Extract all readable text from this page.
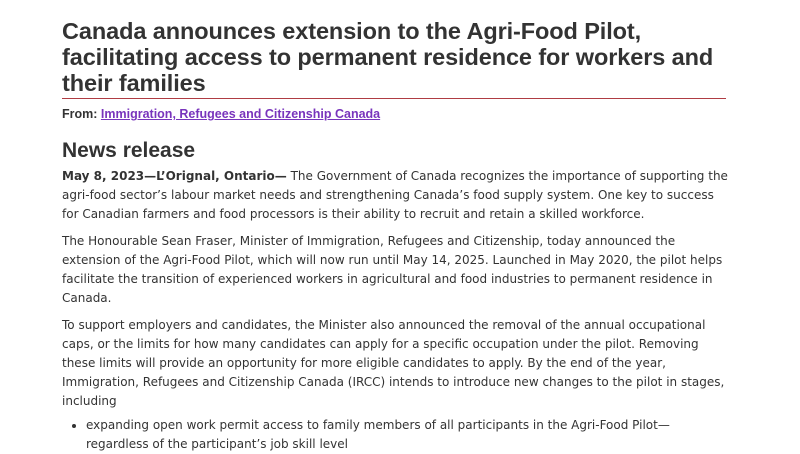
Canada announces extension to the Agri-Food Pilot, facilitating access to permanent residence for workers and their families
From: Immigration, Refugees and Citizenship Canada
News release

May 8, 2023—L’Orignal, Ontario— The Government of Canada recognizes the importance of supporting the agri-food sector’s labour market needs and strengthening Canada’s food supply system. One key to success for Canadian farmers and food processors is their ability to recruit and retain a skilled workforce.

The Honourable Sean Fraser, Minister of Immigration, Refugees and Citizenship, today announced the extension of the Agri-Food Pilot, which will now run until May 14, 2025. Launched in May 2020, the pilot helps facilitate the transition of experienced workers in agricultural and food industries to permanent residence in Canada.

To support employers and candidates, the Minister also announced the removal of the annual occupational caps, or the limits for how many candidates can apply for a specific occupation under the pilot. Removing these limits will provide an opportunity for more eligible candidates to apply. By the end of the year, Immigration, Refugees and Citizenship Canada (IRCC) intends to introduce new changes to the pilot in stages, including

• expanding open work permit access to family members of all participants in the Agri-Food Pilot—regardless of the participant’s job skill level
